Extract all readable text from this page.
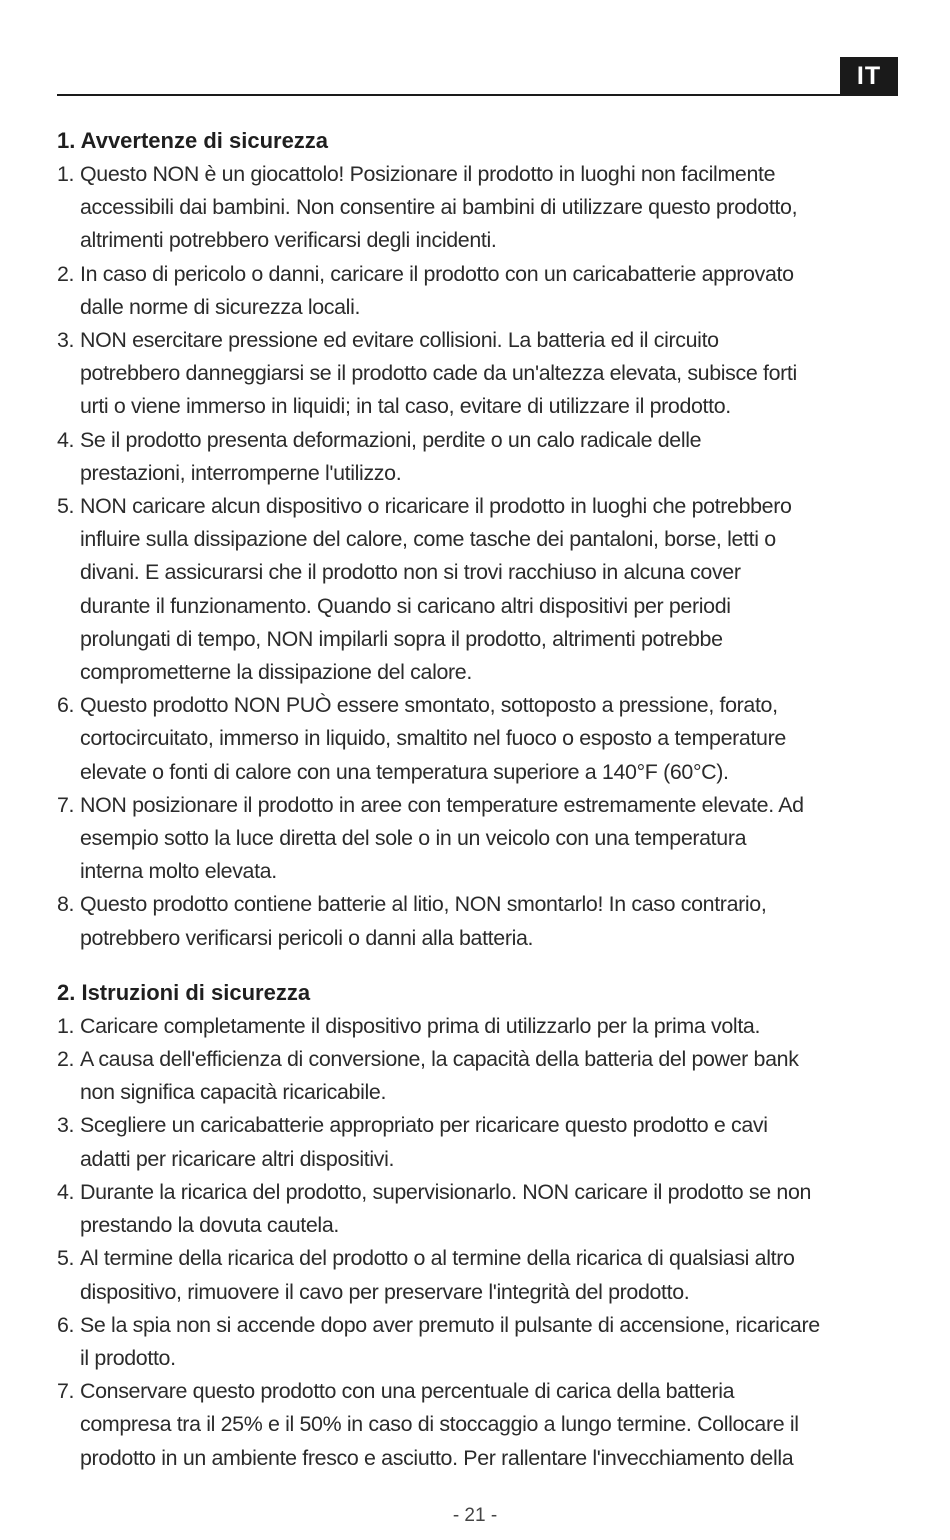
IT
1. Avvertenze di sicurezza
1. Questo NON è un giocattolo! Posizionare il prodotto in luoghi non facilmente
accessibili dai bambini. Non consentire ai bambini di utilizzare questo prodotto,
altrimenti potrebbero verificarsi degli incidenti.
2. In caso di pericolo o danni, caricare il prodotto con un caricabatterie approvato
dalle norme di sicurezza locali.
3. NON esercitare pressione ed evitare collisioni. La batteria ed il circuito
potrebbero danneggiarsi se il prodotto cade da un'altezza elevata, subisce forti
urti o viene immerso in liquidi; in tal caso, evitare di utilizzare il prodotto.
4. Se il prodotto presenta deformazioni, perdite o un calo radicale delle
prestazioni, interromperne l'utilizzo.
5. NON caricare alcun dispositivo o ricaricare il prodotto in luoghi che potrebbero
influire sulla dissipazione del calore, come tasche dei pantaloni, borse, letti o
divani. E assicurarsi che il prodotto non si trovi racchiuso in alcuna cover
durante il funzionamento. Quando si caricano altri dispositivi per periodi
prolungati di tempo, NON impilarli sopra il prodotto, altrimenti potrebbe
comprometterne la dissipazione del calore.
6. Questo prodotto NON PUÒ essere smontato, sottoposto a pressione, forato,
cortocircuitato, immerso in liquido, smaltito nel fuoco o esposto a temperature
elevate o fonti di calore con una temperatura superiore a 140°F (60°C).
7. NON posizionare il prodotto in aree con temperature estremamente elevate. Ad
esempio sotto la luce diretta del sole o in un veicolo con una temperatura
interna molto elevata.
8. Questo prodotto contiene batterie al litio, NON smontarlo! In caso contrario,
potrebbero verificarsi pericoli o danni alla batteria.
2. Istruzioni di sicurezza
1. Caricare completamente il dispositivo prima di utilizzarlo per la prima volta.
2. A causa dell'efficienza di conversione, la capacità della batteria del power bank
non significa capacità ricaricabile.
3. Scegliere un caricabatterie appropriato per ricaricare questo prodotto e cavi
adatti per ricaricare altri dispositivi.
4. Durante la ricarica del prodotto, supervisionarlo. NON caricare il prodotto se non
prestando la dovuta cautela.
5. Al termine della ricarica del prodotto o al termine della ricarica di qualsiasi altro
dispositivo, rimuovere il cavo per preservare l'integrità del prodotto.
6. Se la spia non si accende dopo aver premuto il pulsante di accensione, ricaricare
il prodotto.
7. Conservare questo prodotto con una percentuale di carica della batteria
compresa tra il 25% e il 50% in caso di stoccaggio a lungo termine. Collocare il
prodotto in un ambiente fresco e asciutto. Per rallentare l'invecchiamento della
- 21 -
